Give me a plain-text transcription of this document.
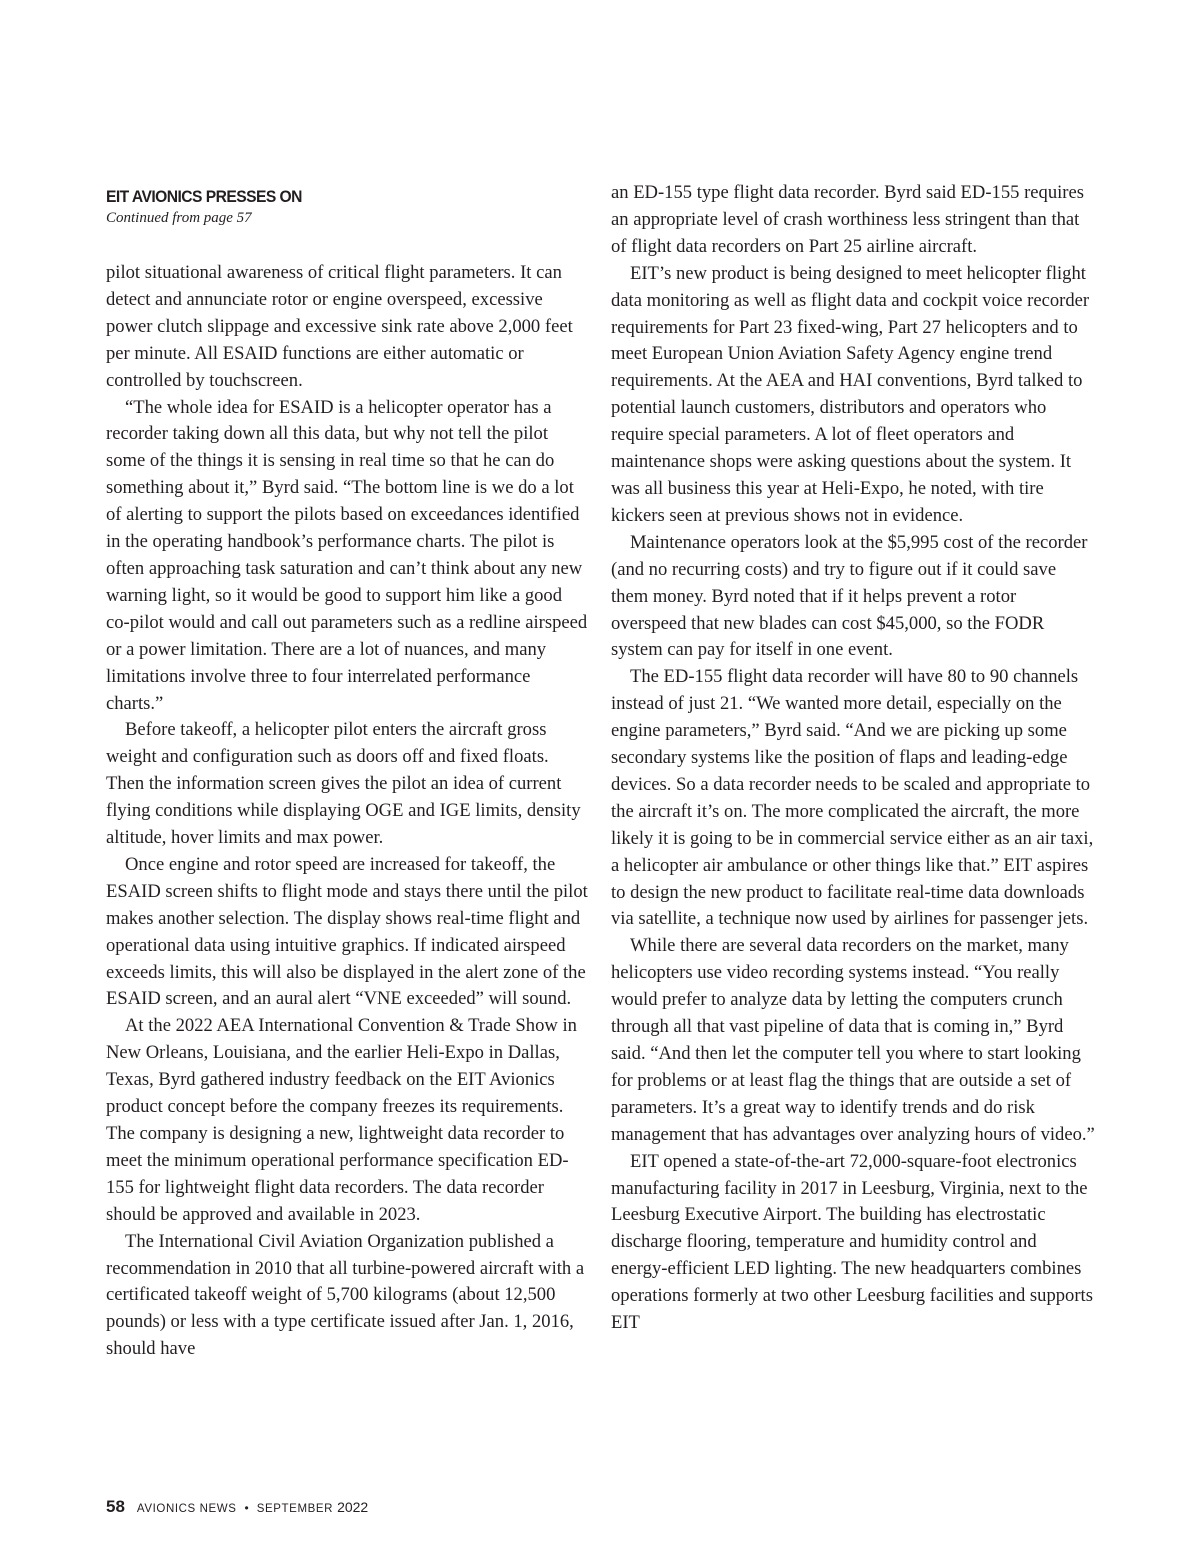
EIT AVIONICS PRESSES ON

Continued from page 57

pilot situational awareness of critical flight parameters. It can detect and annunciate rotor or engine overspeed, excessive power clutch slippage and excessive sink rate above 2,000 feet per minute. All ESAID functions are either automatic or controlled by touchscreen.

“The whole idea for ESAID is a helicopter operator has a recorder taking down all this data, but why not tell the pilot some of the things it is sensing in real time so that he can do something about it,” Byrd said. “The bottom line is we do a lot of alerting to support the pilots based on exceedances identified in the operating handbook’s performance charts. The pilot is often approaching task saturation and can’t think about any new warning light, so it would be good to support him like a good co-pilot would and call out parameters such as a redline airspeed or a power limitation. There are a lot of nuances, and many limitations involve three to four interrelated performance charts.”

Before takeoff, a helicopter pilot enters the aircraft gross weight and configuration such as doors off and fixed floats. Then the information screen gives the pilot an idea of current flying conditions while displaying OGE and IGE limits, density altitude, hover limits and max power.

Once engine and rotor speed are increased for takeoff, the ESAID screen shifts to flight mode and stays there until the pilot makes another selection. The display shows real-time flight and operational data using intuitive graphics. If indicated airspeed exceeds limits, this will also be displayed in the alert zone of the ESAID screen, and an aural alert “VNE exceeded” will sound.

At the 2022 AEA International Convention & Trade Show in New Orleans, Louisiana, and the earlier Heli-Expo in Dallas, Texas, Byrd gathered industry feedback on the EIT Avionics product concept before the company freezes its requirements. The company is designing a new, lightweight data recorder to meet the minimum operational performance specification ED-155 for lightweight flight data recorders. The data recorder should be approved and available in 2023.

The International Civil Aviation Organization published a recommendation in 2010 that all turbine-powered aircraft with a certificated takeoff weight of 5,700 kilograms (about 12,500 pounds) or less with a type certificate issued after Jan. 1, 2016, should have

an ED-155 type flight data recorder. Byrd said ED-155 requires an appropriate level of crash worthiness less stringent than that of flight data recorders on Part 25 airline aircraft.

EIT’s new product is being designed to meet helicopter flight data monitoring as well as flight data and cockpit voice recorder requirements for Part 23 fixed-wing, Part 27 helicopters and to meet European Union Aviation Safety Agency engine trend requirements. At the AEA and HAI conventions, Byrd talked to potential launch customers, distributors and operators who require special parameters. A lot of fleet operators and maintenance shops were asking questions about the system. It was all business this year at Heli-Expo, he noted, with tire kickers seen at previous shows not in evidence.

Maintenance operators look at the $5,995 cost of the recorder (and no recurring costs) and try to figure out if it could save them money. Byrd noted that if it helps prevent a rotor overspeed that new blades can cost $45,000, so the FODR system can pay for itself in one event.

The ED-155 flight data recorder will have 80 to 90 channels instead of just 21. “We wanted more detail, especially on the engine parameters,” Byrd said. “And we are picking up some secondary systems like the position of flaps and leading-edge devices. So a data recorder needs to be scaled and appropriate to the aircraft it’s on. The more complicated the aircraft, the more likely it is going to be in commercial service either as an air taxi, a helicopter air ambulance or other things like that.” EIT aspires to design the new product to facilitate real-time data downloads via satellite, a technique now used by airlines for passenger jets.

While there are several data recorders on the market, many helicopters use video recording systems instead. “You really would prefer to analyze data by letting the computers crunch through all that vast pipeline of data that is coming in,” Byrd said. “And then let the computer tell you where to start looking for problems or at least flag the things that are outside a set of parameters. It’s a great way to identify trends and do risk management that has advantages over analyzing hours of video.”

EIT opened a state-of-the-art 72,000-square-foot electronics manufacturing facility in 2017 in Leesburg, Virginia, next to the Leesburg Executive Airport. The building has electrostatic discharge flooring, temperature and humidity control and energy-efficient LED lighting. The new headquarters combines operations formerly at two other Leesburg facilities and supports EIT

58 AVIONICS NEWS • SEPTEMBER 2022
